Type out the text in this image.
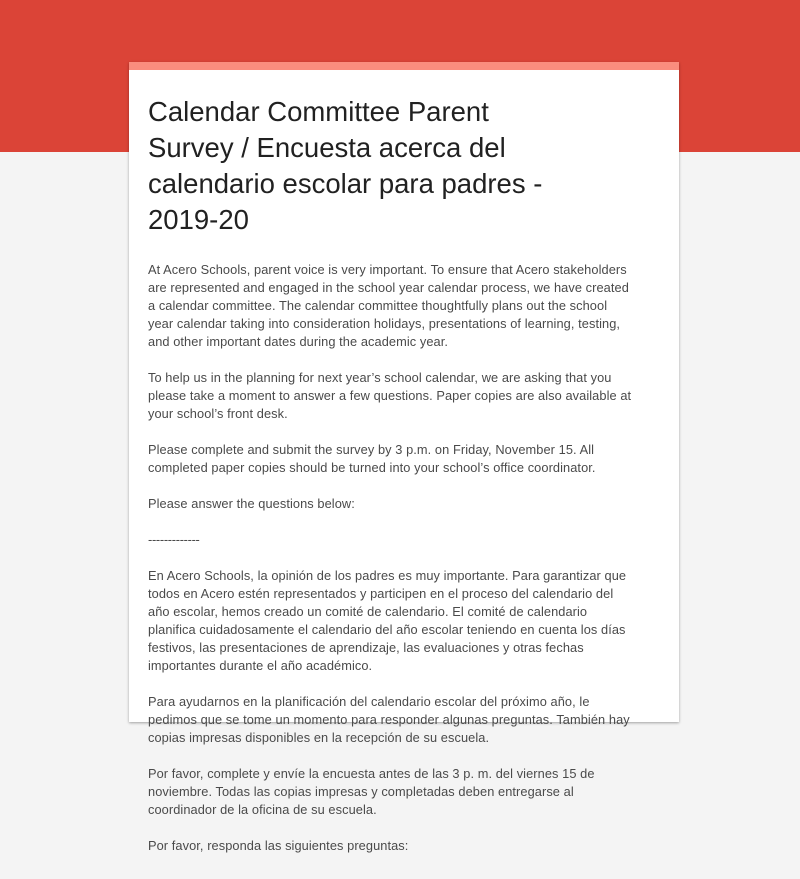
Calendar Committee Parent Survey / Encuesta acerca del calendario escolar para padres - 2019-20

At Acero Schools, parent voice is very important. To ensure that Acero stakeholders are represented and engaged in the school year calendar process, we have created a calendar committee. The calendar committee thoughtfully plans out the school year calendar taking into consideration holidays, presentations of learning, testing, and other important dates during the academic year.

To help us in the planning for next year’s school calendar, we are asking that you please take a moment to answer a few questions. Paper copies are also available at your school’s front desk.

Please complete and submit the survey by 3 p.m. on Friday, November 15. All completed paper copies should be turned into your school’s office coordinator.

Please answer the questions below:

-------------

En Acero Schools, la opinión de los padres es muy importante. Para garantizar que todos en Acero estén representados y participen en el proceso del calendario del año escolar, hemos creado un comité de calendario. El comité de calendario planifica cuidadosamente el calendario del año escolar teniendo en cuenta los días festivos, las presentaciones de aprendizaje, las evaluaciones y otras fechas importantes durante el año académico.

Para ayudarnos en la planificación del calendario escolar del próximo año, le pedimos que se tome un momento para responder algunas preguntas. También hay copias impresas disponibles en la recepción de su escuela.

Por favor, complete y envíe la encuesta antes de las 3 p. m. del viernes 15 de noviembre. Todas las copias impresas y completadas deben entregarse al coordinador de la oficina de su escuela.

Por favor, responda las siguientes preguntas:
